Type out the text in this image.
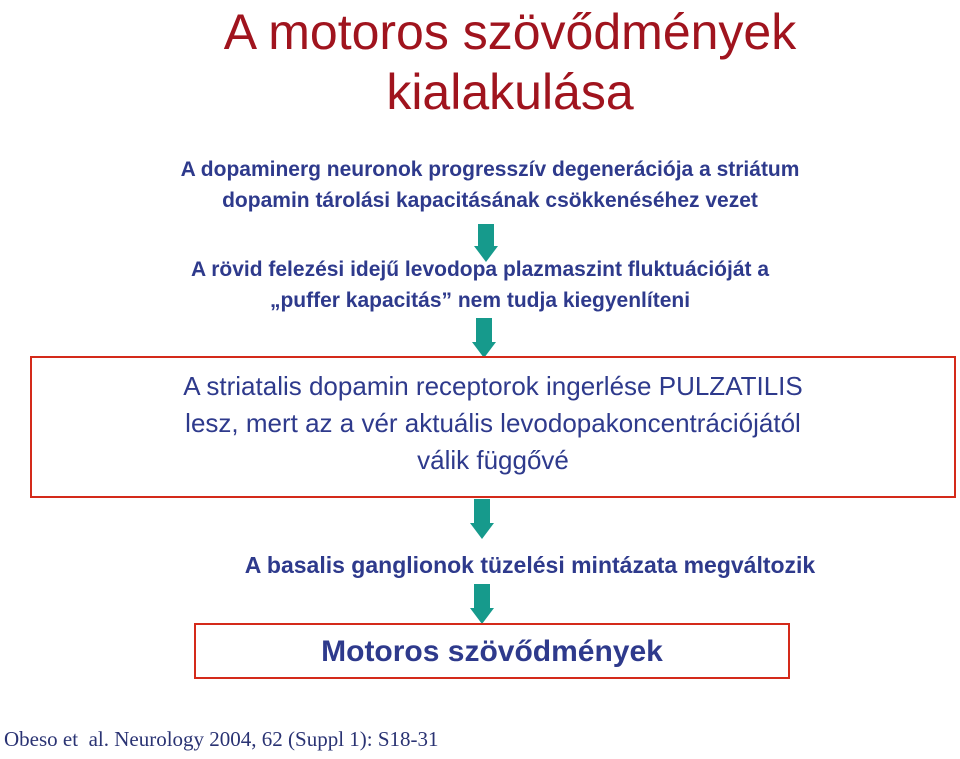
A motoros szövődmények
kialakulása
A dopaminerg neuronok progresszív degenerációja a striátum
dopamin tárolási kapacitásának csökkenéséhez vezet
A rövid felezési idejű levodopa plazmaszint fluktuációját a
„puffer kapacitás” nem tudja kiegyenlíteni
A striatalis dopamin receptorok ingerlése PULZATILIS
lesz, mert az a vér aktuális levodopakoncentrációjától
válik függővé
A basalis ganglionok tüzelési mintázata megváltozik
Motoros szövődmények
Obeso et  al. Neurology 2004, 62 (Suppl 1): S18-31
